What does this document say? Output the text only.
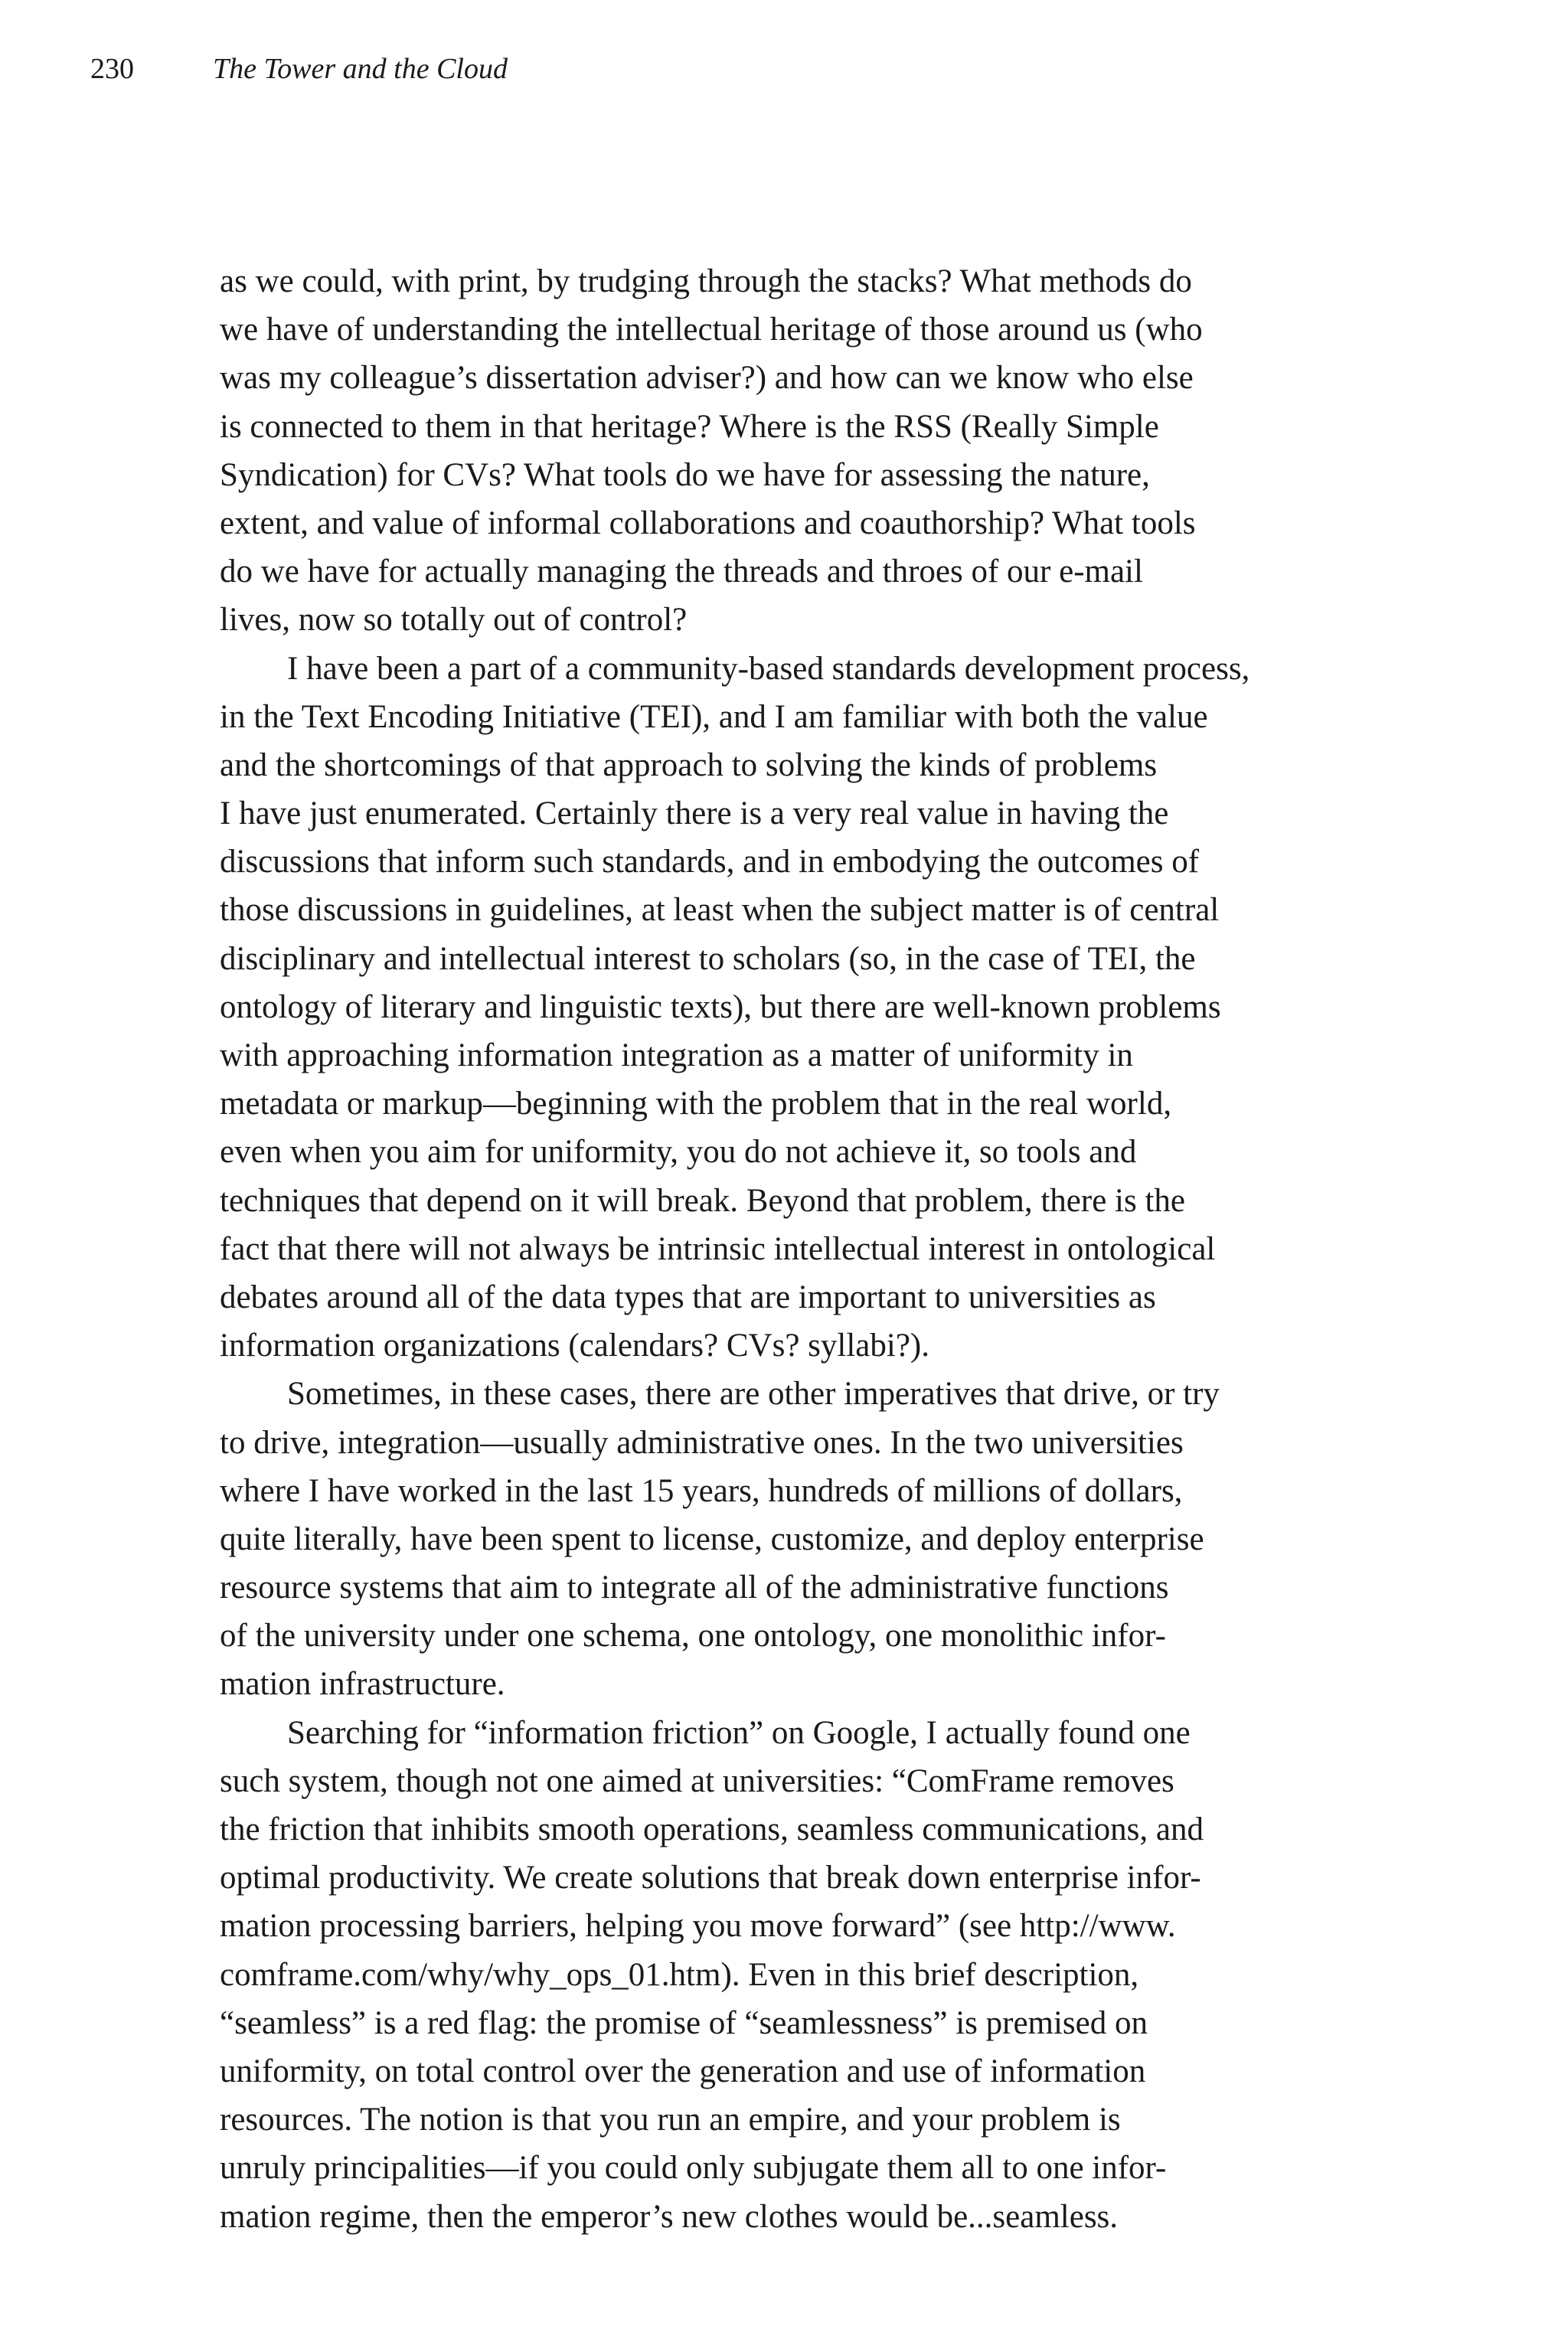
230	The Tower and the Cloud
as we could, with print, by trudging through the stacks? What methods do
we have of understanding the intellectual heritage of those around us (who
was my colleague’s dissertation adviser?) and how can we know who else
is connected to them in that heritage? Where is the RSS (Really Simple
Syndication) for CVs? What tools do we have for assessing the nature,
extent, and value of informal collaborations and coauthorship? What tools
do we have for actually managing the threads and throes of our e-mail
lives, now so totally out of control?
I have been a part of a community-based standards development process,
in the Text Encoding Initiative (TEI), and I am familiar with both the value
and the shortcomings of that approach to solving the kinds of problems
I have just enumerated. Certainly there is a very real value in having the
discussions that inform such standards, and in embodying the outcomes of
those discussions in guidelines, at least when the subject matter is of central
disciplinary and intellectual interest to scholars (so, in the case of TEI, the
ontology of literary and linguistic texts), but there are well-known problems
with approaching information integration as a matter of uniformity in
metadata or markup—beginning with the problem that in the real world,
even when you aim for uniformity, you do not achieve it, so tools and
techniques that depend on it will break. Beyond that problem, there is the
fact that there will not always be intrinsic intellectual interest in ontological
debates around all of the data types that are important to universities as
information organizations (calendars? CVs? syllabi?).
Sometimes, in these cases, there are other imperatives that drive, or try
to drive, integration—usually administrative ones. In the two universities
where I have worked in the last 15 years, hundreds of millions of dollars,
quite literally, have been spent to license, customize, and deploy enterprise
resource systems that aim to integrate all of the administrative functions
of the university under one schema, one ontology, one monolithic infor-
mation infrastructure.
Searching for “information friction” on Google, I actually found one
such system, though not one aimed at universities: “ComFrame removes
the friction that inhibits smooth operations, seamless communications, and
optimal productivity. We create solutions that break down enterprise infor-
mation processing barriers, helping you move forward” (see http://www.
comframe.com/why/why_ops_01.htm). Even in this brief description,
“seamless” is a red flag: the promise of “seamlessness” is premised on
uniformity, on total control over the generation and use of information
resources. The notion is that you run an empire, and your problem is
unruly principalities—if you could only subjugate them all to one infor-
mation regime, then the emperor’s new clothes would be...seamless.
